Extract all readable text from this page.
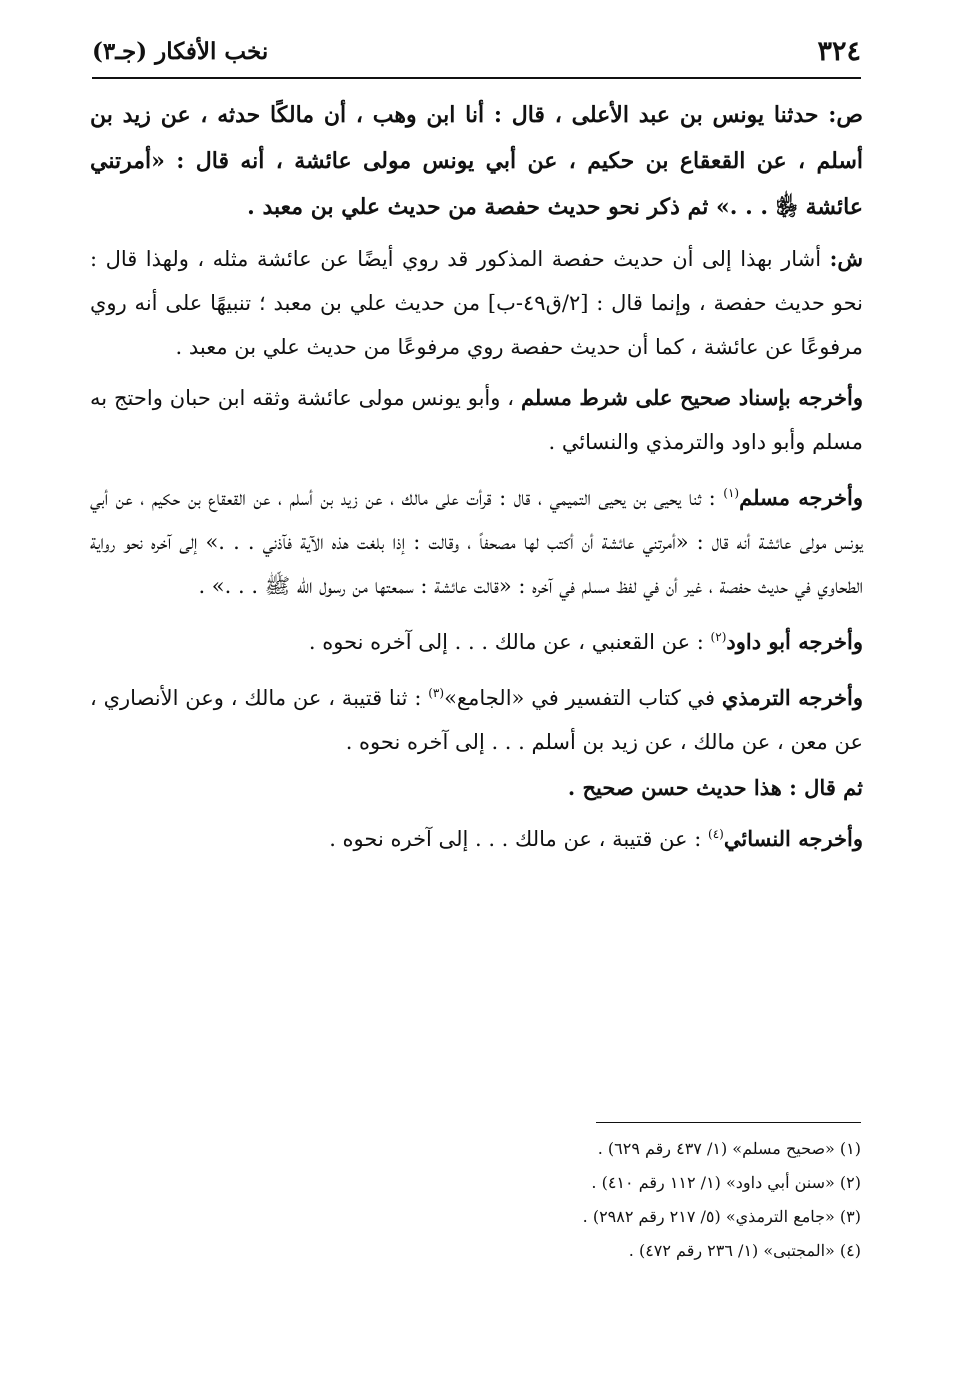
٣٢٤
نخب الأفكار (جـ٣)

ص: حدثنا يونس بن عبد الأعلى ، قال : أنا ابن وهب ، أن مالكًا حدثه ، عن زيد بن أسلم ، عن القعقاع بن حكيم ، عن أبي يونس مولى عائشة ، أنه قال : «أمرتني عائشة ﵂ . . .» ثم ذكر نحو حديث حفصة من حديث علي بن معبد .

ش: أشار بهذا إلى أن حديث حفصة المذكور قد روي أيضًا عن عائشة مثله ، ولهذا قال : نحو حديث حفصة ، وإنما قال : [٢/ق٤٩-ب] من حديث علي بن معبد ؛ تنبيهًا على أنه روي مرفوعًا عن عائشة ، كما أن حديث حفصة روي مرفوعًا من حديث علي بن معبد .

وأخرجه بإسناد صحيح على شرط مسلم ، وأبو يونس مولى عائشة وثقه ابن حبان واحتج به مسلم وأبو داود والترمذي والنسائي .

وأخرجه مسلم$^{(١)}$ : ثنا يحيى بن يحيى التميمي ، قال : قرأت على مالك ، عن زيد بن أسلم ، عن القعقاع بن حكيم ، عن أبي يونس مولى عائشة أنه قال : «أمرتني عائشة أن أكتب لها مصحفاً ، وقالت : إذا بلغت هذه الآية فآذني . . .» إلى آخره نحو رواية الطحاوي في حديث حفصة ، غير أن في لفظ مسلم في آخره : «قالت عائشة : سمعتها من رسول الله ﷺ . . .» .

وأخرجه أبو داود$^{(٢)}$ : عن القعنبي ، عن مالك . . . إلى آخره نحوه .

وأخرجه الترمذي في كتاب التفسير في «الجامع»$^{(٣)}$ : ثنا قتيبة ، عن مالك ، وعن الأنصاري ، عن معن ، عن مالك ، عن زيد بن أسلم . . . إلى آخره نحوه .

ثم قال : هذا حديث حسن صحيح .

وأخرجه النسائي$^{(٤)}$ : عن قتيبة ، عن مالك . . . إلى آخره نحوه .

(١) «صحيح مسلم» (١/ ٤٣٧ رقم ٦٢٩) .
(٢) «سنن أبي داود» (١/ ١١٢ رقم ٤١٠) .
(٣) «جامع الترمذي» (٥/ ٢١٧ رقم ٢٩٨٢) .
(٤) «المجتبى» (١/ ٢٣٦ رقم ٤٧٢) .
